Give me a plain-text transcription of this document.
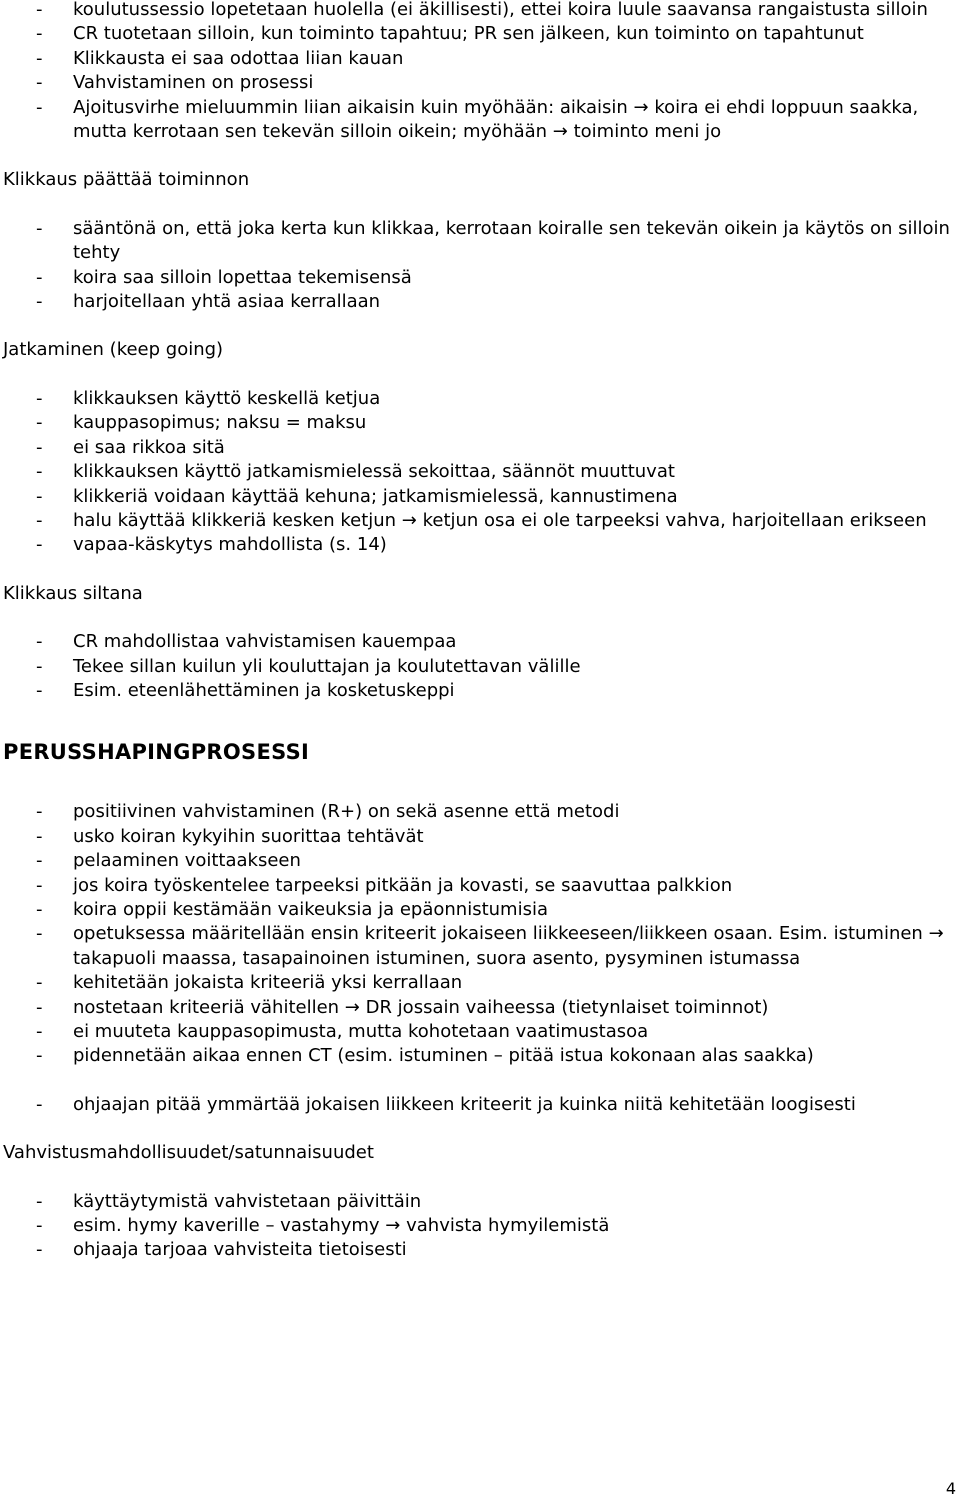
- koulutussessio lopetetaan huolella (ei äkillisesti), ettei koira luule saavansa rangaistusta silloin
- CR tuotetaan silloin, kun toiminto tapahtuu; PR sen jälkeen, kun toiminto on tapahtunut
- Klikkausta ei saa odottaa liian kauan
- Vahvistaminen on prosessi
- Ajoitusvirhe mieluummin liian aikaisin kuin myöhään: aikaisin → koira ei ehdi loppuun saakka, mutta kerrotaan sen tekevän silloin oikein; myöhään → toiminto meni jo
Klikkaus päättää toiminnon
- sääntönä on, että joka kerta kun klikkaa, kerrotaan koiralle sen tekevän oikein ja käytös on silloin tehty
- koira saa silloin lopettaa tekemisensä
- harjoitellaan yhtä asiaa kerrallaan
Jatkaminen (keep going)
- klikkauksen käyttö keskellä ketjua
- kauppasopimus; naksu = maksu
- ei saa rikkoa sitä
- klikkauksen käyttö jatkamismielessä sekoittaa, säännöt muuttuvat
- klikkeriä voidaan käyttää kehuna; jatkamismielessä, kannustimena
- halu käyttää klikkeriä kesken ketjun → ketjun osa ei ole tarpeeksi vahva, harjoitellaan erikseen
- vapaa-käskytys mahdollista (s. 14)
Klikkaus siltana
- CR mahdollistaa vahvistamisen kauempaa
- Tekee sillan kuilun yli kouluttajan ja koulutettavan välille
- Esim. eteenlähettäminen ja kosketuskeppi
PERUSSHAPINGPROSESSI
- positiivinen vahvistaminen (R+) on sekä asenne että metodi
- usko koiran kykyihin suorittaa tehtävät
- pelaaminen voittaakseen
- jos koira työskentelee tarpeeksi pitkään ja kovasti, se saavuttaa palkkion
- koira oppii kestämään vaikeuksia ja epäonnistumisia
- opetuksessa määritellään ensin kriteerit jokaiseen liikkeeseen/liikkeen osaan. Esim. istuminen → takapuoli maassa, tasapainoinen istuminen, suora asento, pysyminen istumassa
- kehitetään jokaista kriteeriä yksi kerrallaan
- nostetaan kriteeriä vähitellen → DR jossain vaiheessa (tietynlaiset toiminnot)
- ei muuteta kauppasopimusta, mutta kohotetaan vaatimustasoa
- pidennetään aikaa ennen CT (esim. istuminen – pitää istua kokonaan alas saakka)
- ohjaajan pitää ymmärtää jokaisen liikkeen kriteerit ja kuinka niitä kehitetään loogisesti
Vahvistusmahdollisuudet/satunnaisuudet
- käyttäytymistä vahvistetaan päivittäin
- esim. hymy kaverille – vastahymy → vahvista hymyilemistä
- ohjaaja tarjoaa vahvisteita tietoisesti
4
